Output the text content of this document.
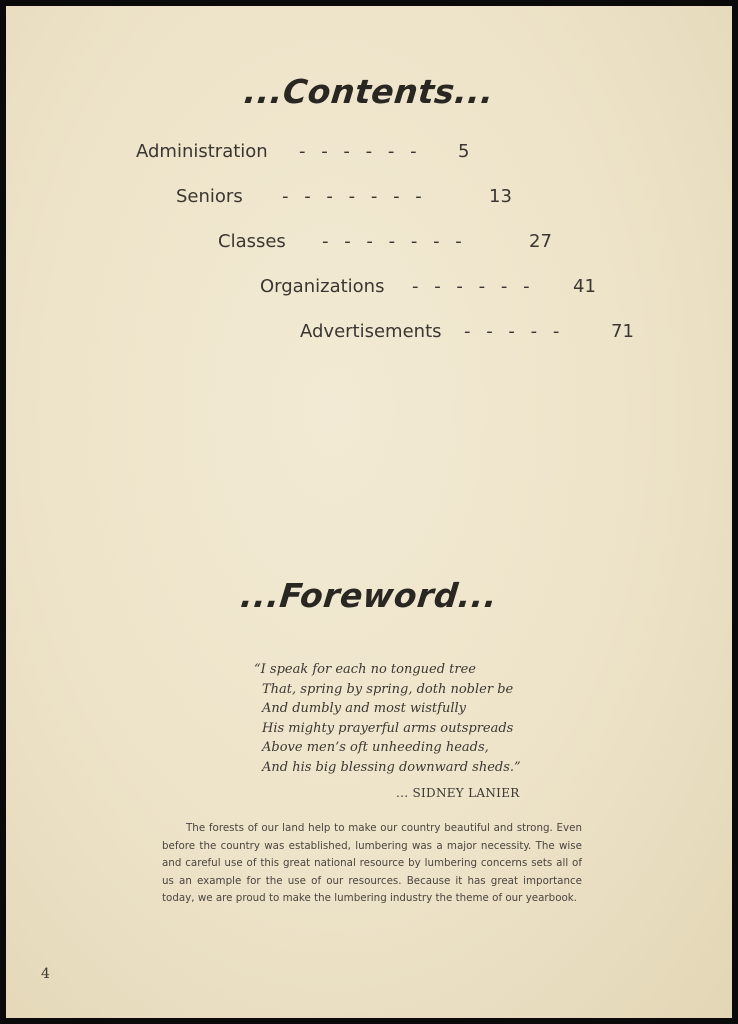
...Contents...
Administration - - - - - - 5
Seniors - - - - - - -	13
Classes - - - - - - -	27
Organizations - - - - - - 41
Advertisements - - - - -	71
...Foreword...
“I speak for each no tongued tree
That, spring by spring, doth nobler be
And dumbly and most wistfully
His mighty prayerful arms outspreads
Above men’s oft unheeding heads,
And his big blessing downward sheds.”
... SIDNEY LANIER
The forests of our land help to make our country beautiful and strong. Even before the country was established, lumbering was a major necessity. The wise and careful use of this great national resource by lumbering concerns sets all of us an example for the use of our resources. Because it has great importance today, we are proud to make the lumbering industry the theme of our yearbook.
4
